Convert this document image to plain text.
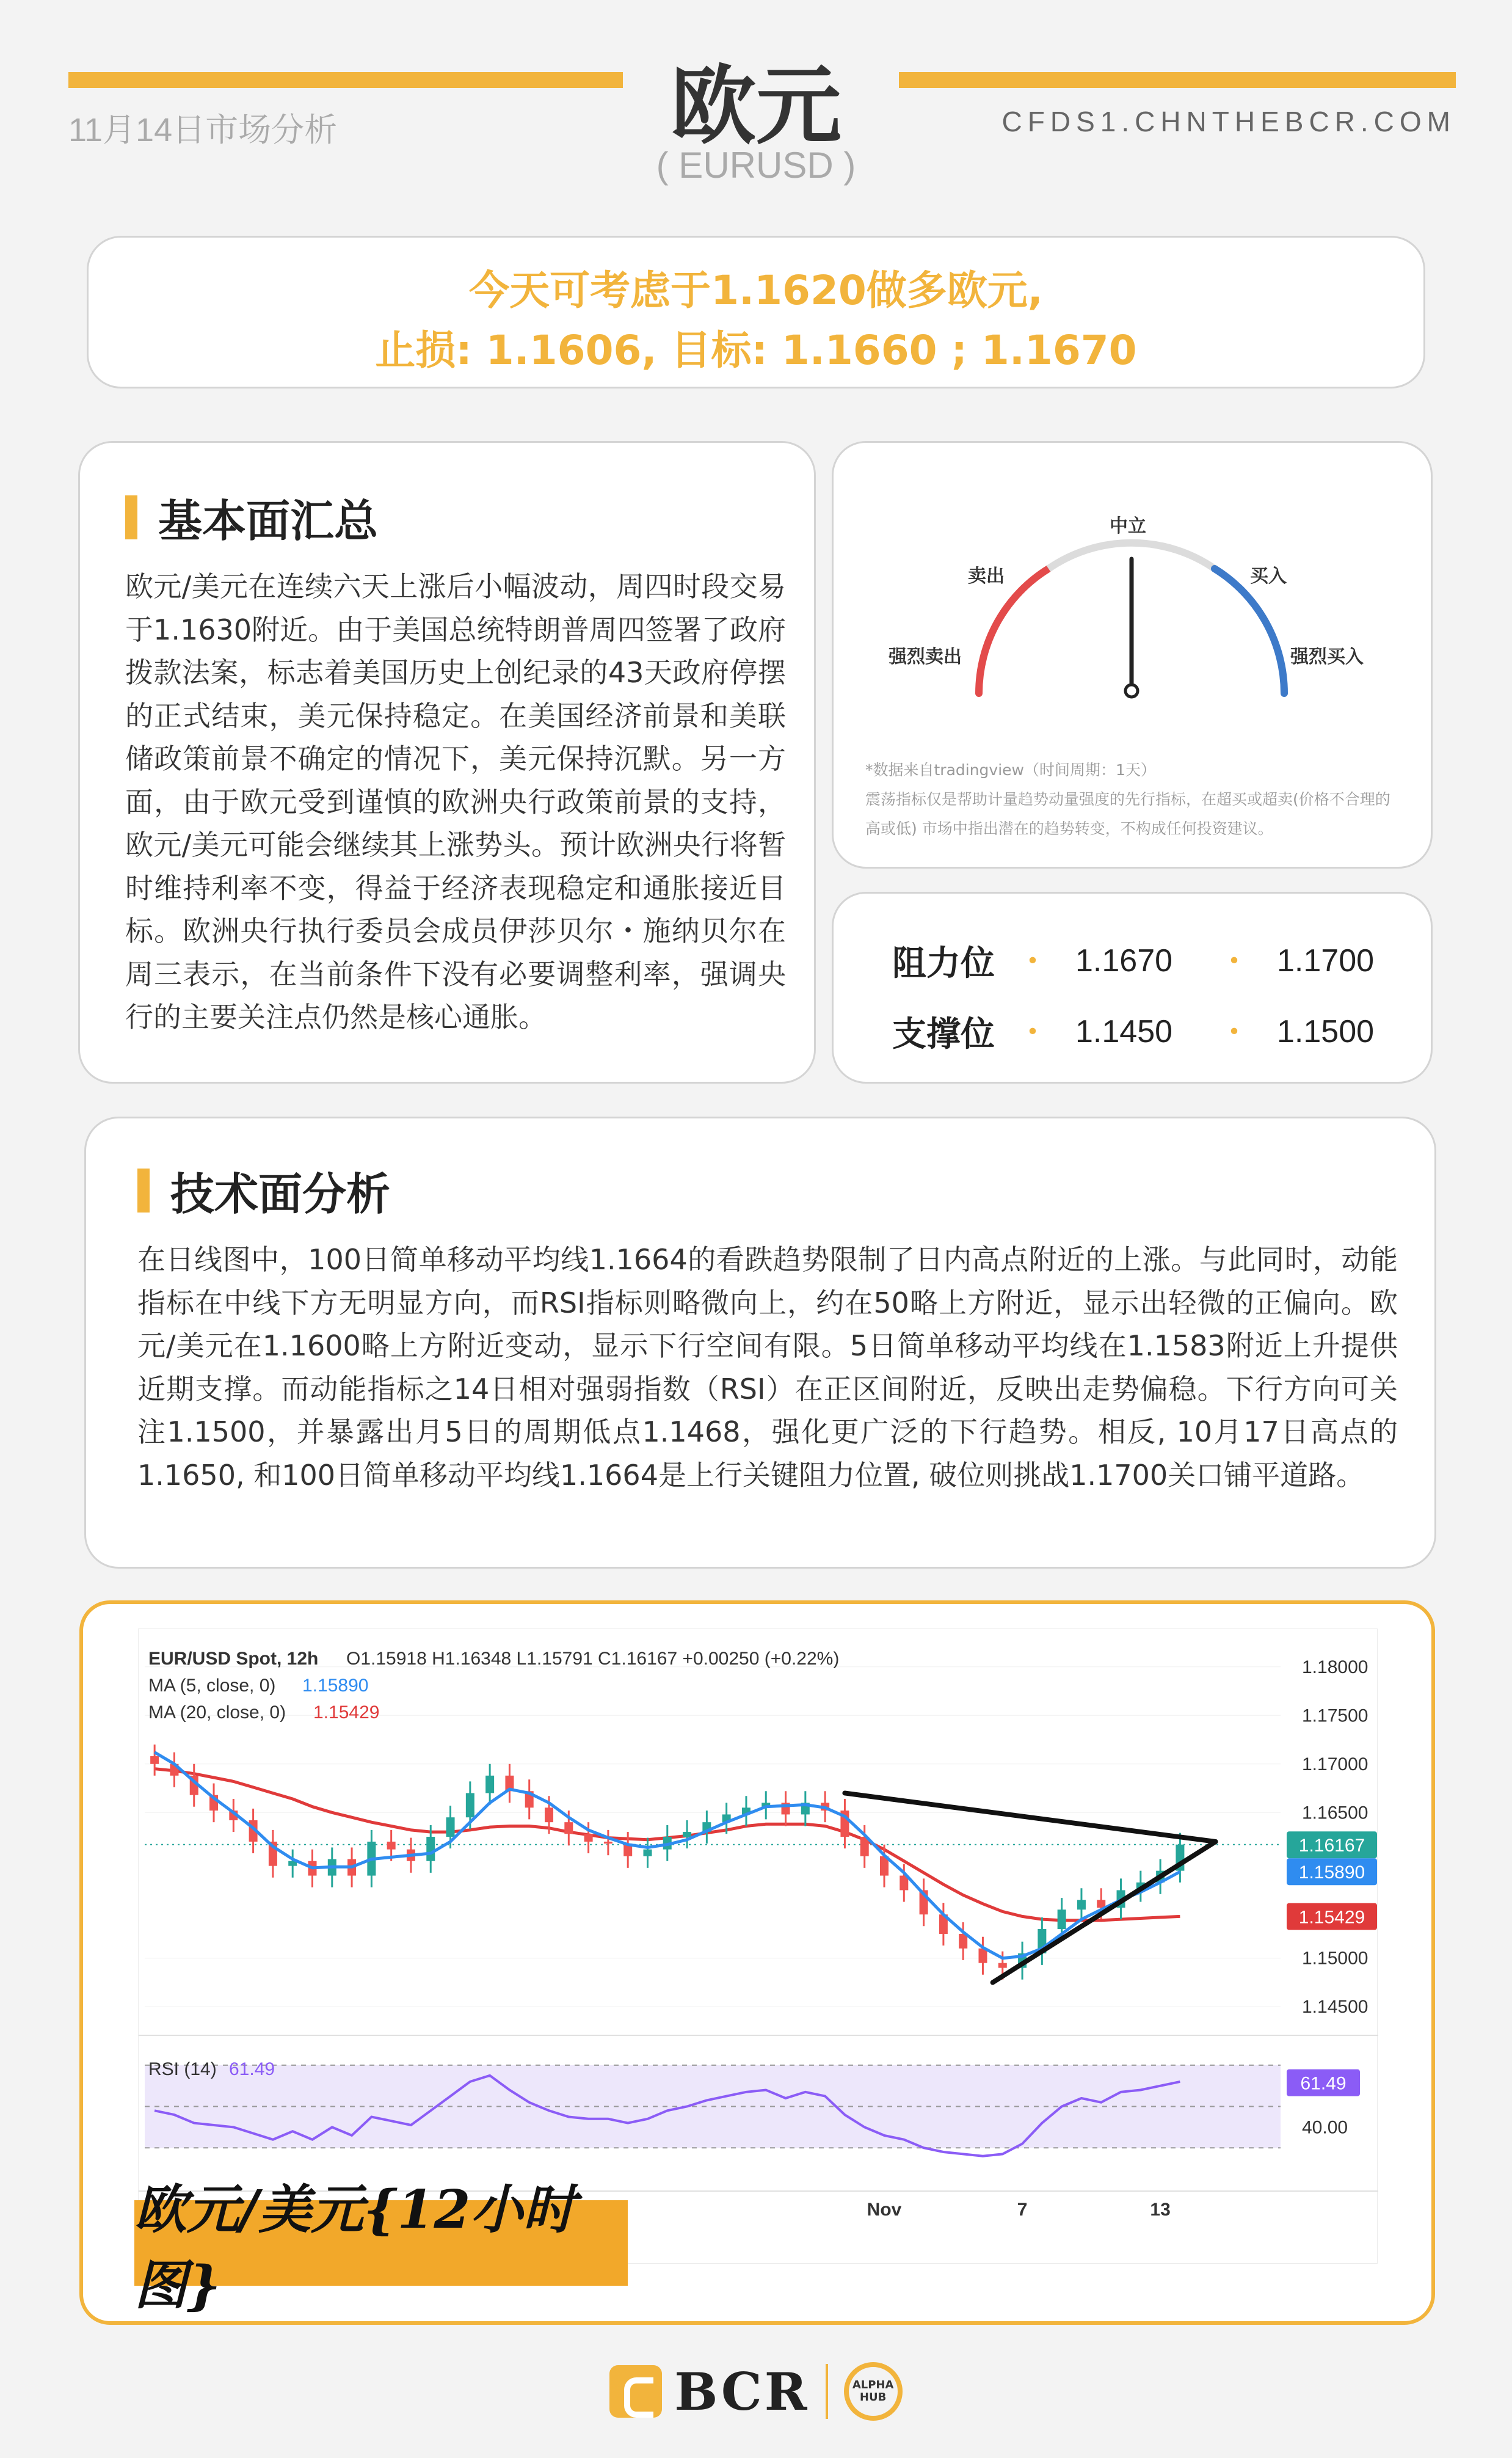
11月14日市场分析	欧元
( EURUSD )
CFDS1.CHNTHEBCR.COM
今天可考虑于1.1620做多欧元,
止损: 1.1606, 目标: 1.1660 ; 1.1670
基本面汇总
欧元/美元在连续六天上涨后小幅波动，周四时段交易于1.1630附近。由于美国总统特朗普周四签署了政府拨款法案，标志着美国历史上创纪录的43天政府停摆的正式结束，美元保持稳定。在美国经济前景和美联储政策前景不确定的情况下，美元保持沉默。另一方面，由于欧元受到谨慎的欧洲央行政策前景的支持，欧元/美元可能会继续其上涨势头。预计欧洲央行将暂时维持利率不变，得益于经济表现稳定和通胀接近目标。欧洲央行执行委员会成员伊莎贝尔・施纳贝尔在周三表示，在当前条件下没有必要调整利率，强调央行的主要关注点仍然是核心通胀。
中立
卖出	买入
强烈卖出	强烈买入
*数据来自tradingview（时间周期：1天）
震荡指标仅是帮助计量趋势动量强度的先行指标，在超买或超卖(价格不合理的高或低) 市场中指出潜在的趋势转变，不构成任何投资建议。
阻力位	•	1.1670	•	1.1700
支撑位	•	1.1450	•	1.1500
技术面分析
在日线图中，100日简单移动平均线1.1664的看跌趋势限制了日内高点附近的上涨。与此同时，动能指标在中线下方无明显方向，而RSI指标则略微向上，约在50略上方附近，显示出轻微的正偏向。欧元/美元在1.1600略上方附近变动，显示下行空间有限。5日简单移动平均线在1.1583附近上升提供近期支撑。而动能指标之14日相对强弱指数（RSI）在正区间附近，反映出走势偏稳。下行方向可关注1.1500，并暴露出月5日的周期低点1.1468，强化更广泛的下行趋势。相反, 10月17日高点的1.1650, 和100日简单移动平均线1.1664是上行关键阻力位置, 破位则挑战1.1700关口铺平道路。
1.18000
1.17500
1.17000
1.16500
1.15000
1.14500
1.16167
1.15890
1.15429
61.49
40.00
Nov	7	13
EUR/USD Spot, 12h O1.15918 H1.16348 L1.15791 C1.16167 +0.00250 (+0.22%)
MA (5, close, 0) 1.15890
MA (20, close, 0) 1.15429
RSI (14) 61.49
欧元/美元{12小时图}
BCR	ALPHA HUB
